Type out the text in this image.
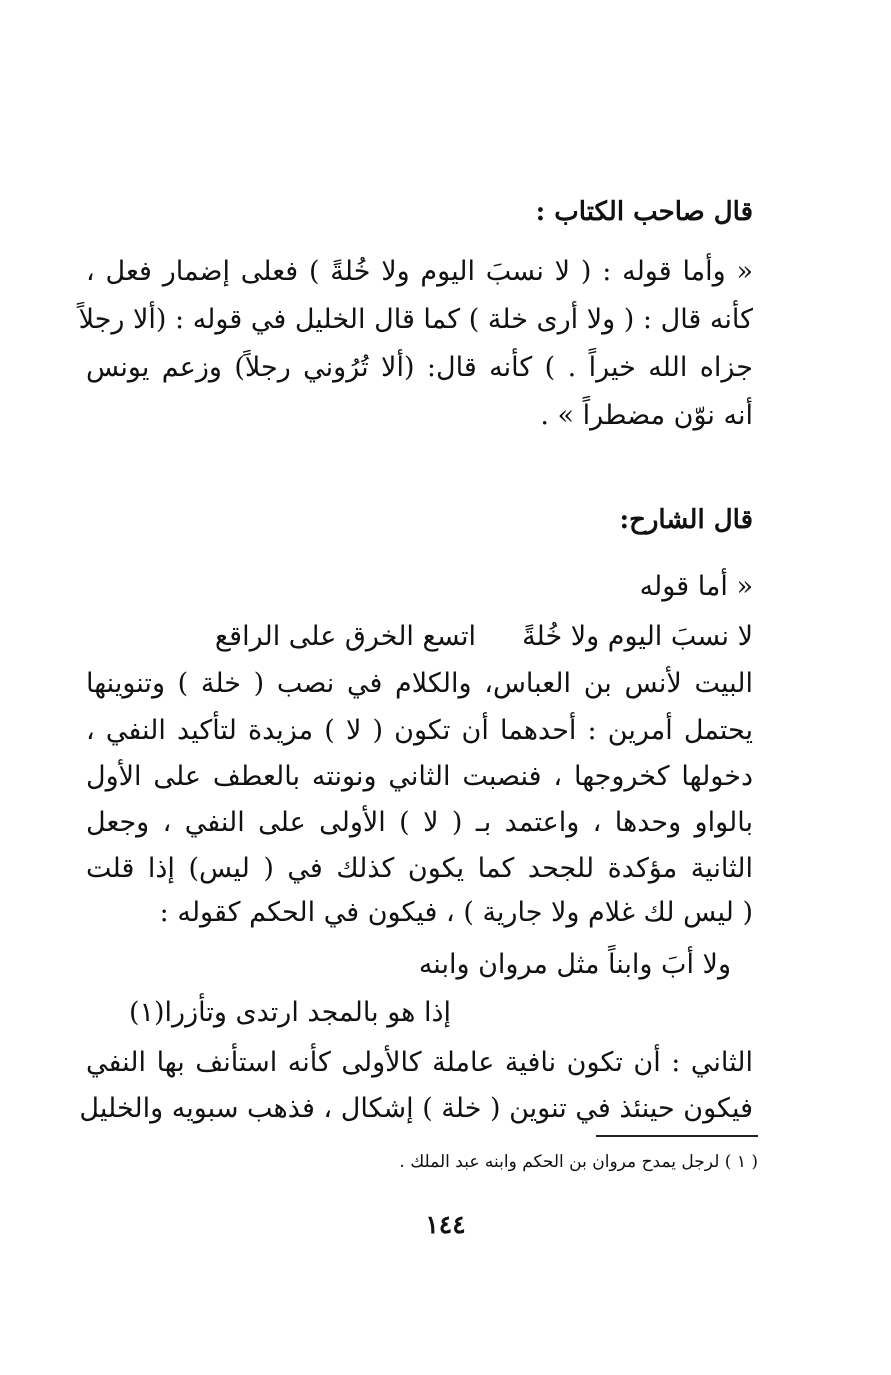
قال صاحب الكتاب :
« وأما قوله : ( لا نسبَ اليوم ولا خُلةً ) فعلى إضمار فعل ،
كأنه قال : ( ولا أرى خلة ) كما قال الخليل في قوله : (ألا رجلاً
جزاه الله خيراً . ) كأنه قال: (ألا تُرُوني رجلاً) وزعم يونس
أنه نوّن مضطراً » .
قال الشارح:
« أما قوله
لا نسبَ اليوم ولا خُلةً
اتسع الخرق على الراقع
البيت لأنس بن العباس، والكلام في نصب ( خلة ) وتنوينها
يحتمل أمرين : أحدهما أن تكون ( لا ) مزيدة لتأكيد النفي ،
دخولها كخروجها ، فنصبت الثاني ونونته بالعطف على الأول
بالواو وحدها ، واعتمد بـ ( لا ) الأولى على النفي ، وجعل
الثانية مؤكدة للجحد كما يكون كذلك في ( ليس) إذا قلت
( ليس لك غلام ولا جارية ) ، فيكون في الحكم كقوله :
ولا أبَ وابناً مثل مروان وابنه
إذا هو بالمجد ارتدى وتأزرا(١)
الثاني : أن تكون نافية عاملة كالأولى كأنه استأنف بها النفي
فيكون حينئذ في تنوين ( خلة ) إشكال ، فذهب سبويه والخليل
( ١ ) لرجل يمدح مروان بن الحكم وابنه عبد الملك .
١٤٤
